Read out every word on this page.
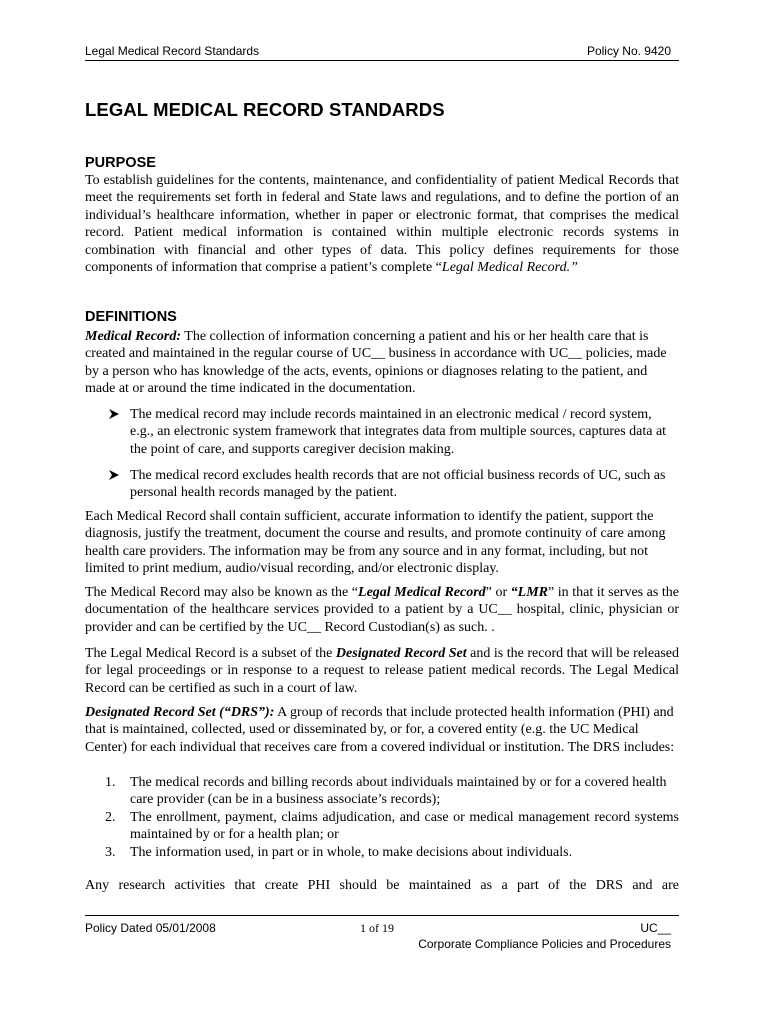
Legal Medical Record Standards	Policy No. 9420
LEGAL MEDICAL RECORD STANDARDS
PURPOSE

To establish guidelines for the contents, maintenance, and confidentiality of patient Medical Records that meet the requirements set forth in federal and State laws and regulations, and to define the portion of an individual’s healthcare information, whether in paper or electronic format, that comprises the medical record. Patient medical information is contained within multiple electronic records systems in combination with financial and other types of data. This policy defines requirements for those components of information that comprise a patient’s complete “Legal Medical Record.”

DEFINITIONS

Medical Record: The collection of information concerning a patient and his or her health care that is created and maintained in the regular course of UC__ business in accordance with UC__ policies, made by a person who has knowledge of the acts, events, opinions or diagnoses relating to the patient, and made at or around the time indicated in the documentation.

The medical record may include records maintained in an electronic medical / record system, e.g., an electronic system framework that integrates data from multiple sources, captures data at the point of care, and supports caregiver decision making.
The medical record excludes health records that are not official business records of UC, such as personal health records managed by the patient.

Each Medical Record shall contain sufficient, accurate information to identify the patient, support the diagnosis, justify the treatment, document the course and results, and promote continuity of care among health care providers. The information may be from any source and in any format, including, but not limited to print medium, audio/visual recording, and/or electronic display.

The Medical Record may also be known as the “Legal Medical Record” or “LMR” in that it serves as the documentation of the healthcare services provided to a patient by a UC__ hospital, clinic, physician or provider and can be certified by the UC__ Record Custodian(s) as such. .

The Legal Medical Record is a subset of the Designated Record Set and is the record that will be released for legal proceedings or in response to a request to release patient medical records. The Legal Medical Record can be certified as such in a court of law.

Designated Record Set (“DRS”): A group of records that include protected health information (PHI) and that is maintained, collected, used or disseminated by, or for, a covered entity (e.g. the UC Medical Center) for each individual that receives care from a covered individual or institution. The DRS includes:

1. The medical records and billing records about individuals maintained by or for a covered health care provider (can be in a business associate’s records);
2. The enrollment, payment, claims adjudication, and case or medical management record systems maintained by or for a health plan; or
3. The information used, in part or in whole, to make decisions about individuals.

Any research activities that create PHI should be maintained as a part of the DRS and are

Policy Dated 05/01/2008	1 of 19	UC__
Corporate Compliance Policies and Procedures
